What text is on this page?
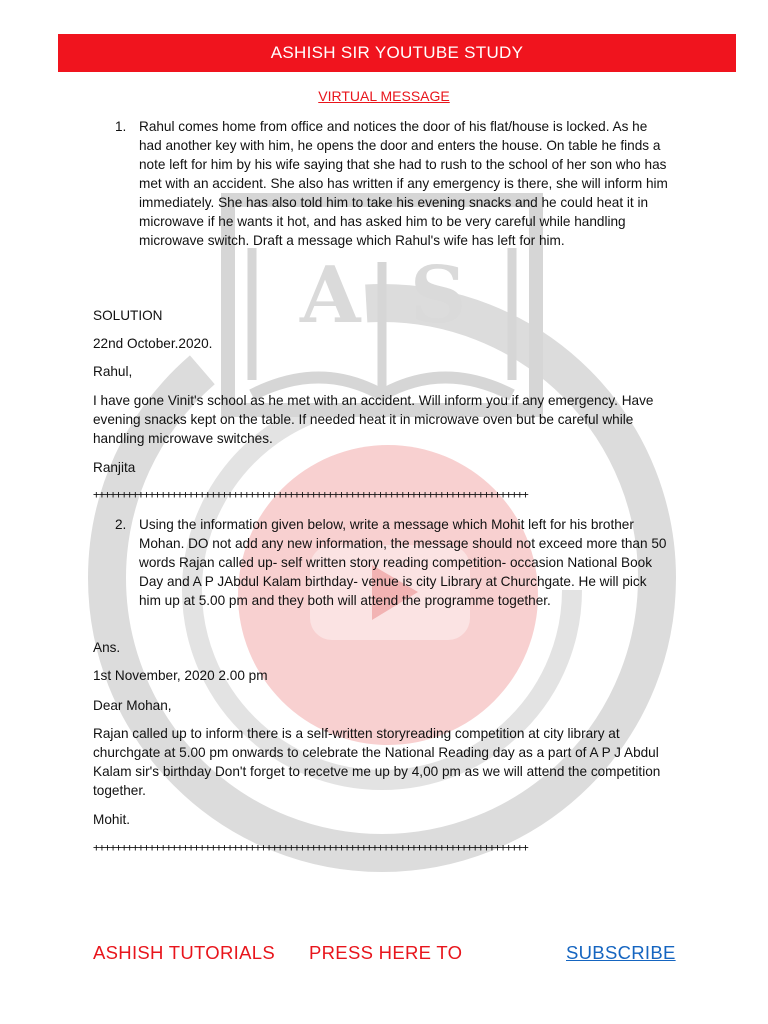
A S
ASHISH SIR YOUTUBE STUDY
VIRTUAL MESSAGE
1. Rahul comes home from office and notices the door of his flat/house is locked. As he had another key with him, he opens the door and enters the house. On table he finds a note left for him by his wife saying that she had to rush to the school of her son who has met with an accident. She also has written if any emergency is there, she will inform him immediately. She has also told him to take his evening snacks and he could heat it in microwave if he wants it hot, and has asked him to be very careful while handling microwave switch. Draft a message which Rahul's wife has left for him.

SOLUTION

22nd October.2020.

Rahul,

I have gone Vinit's school as he met with an accident. Will inform you if any emergency. Have evening snacks kept on the table. If needed heat it in microwave oven but be careful while handling microwave switches.

Ranjita

++++++++++++++++++++++++++++++++++++++++++++++++++++++++++++++++++++++++++++++
2. Using the information given below, write a message which Mohit left for his brother Mohan. DO not add any new information, the message should not exceed more than 50 words Rajan called up- self written story reading competition- occasion National Book Day and A P JAbdul Kalam birthday- venue is city Library at Churchgate. He will pick him up at 5.00 pm and they both will attend the programme together.

Ans.

1st November, 2020 2.00 pm

Dear Mohan,

Rajan called up to inform there is a self-written storyreading competition at city library at churchgate at 5.00 pm onwards to celebrate the National Reading day as a part of A P J Abdul Kalam sir's birthday Don't forget to recetve me up by 4,00 pm as we will attend the competition together.

Mohit.

++++++++++++++++++++++++++++++++++++++++++++++++++++++++++++++++++++++++++++++
ASHISH TUTORIALS PRESS HERE TO	SUBSCRIBE
